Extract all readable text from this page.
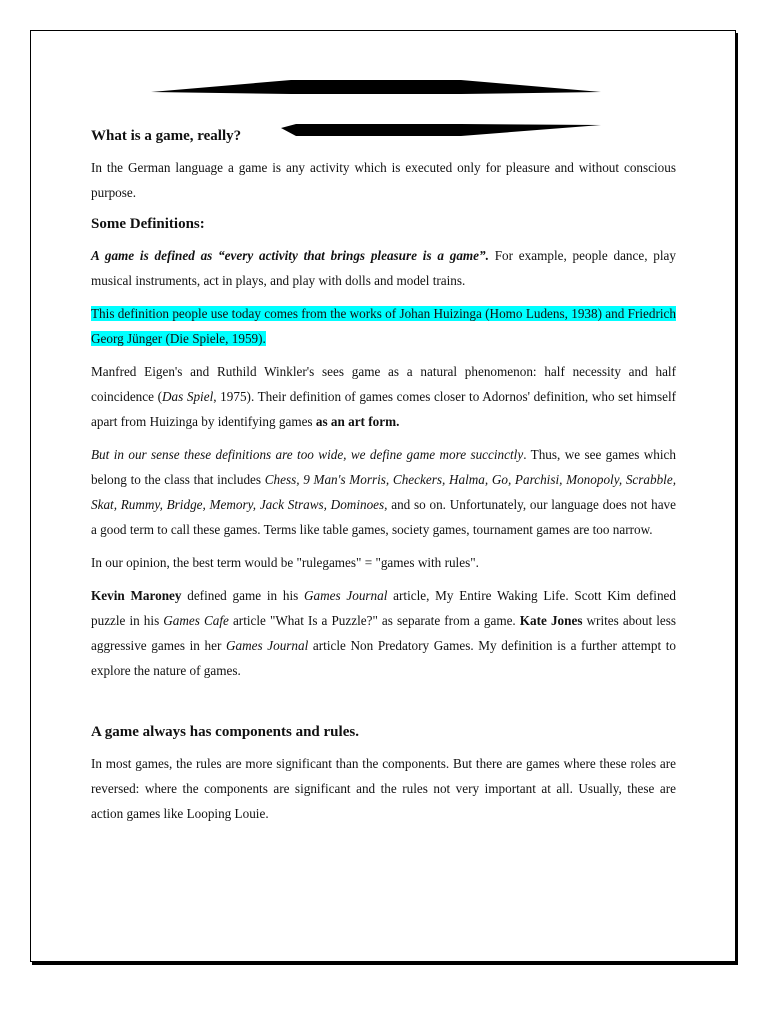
What is a game, really?

In the German language a game is any activity which is executed only for pleasure and without conscious purpose.

Some Definitions:

A game is defined as “every activity that brings pleasure is a game”. For example, people dance, play musical instruments, act in plays, and play with dolls and model trains.

This definition people use today comes from the works of Johan Huizinga (Homo Ludens, 1938) and Friedrich Georg Jünger (Die Spiele, 1959).

Manfred Eigen's and Ruthild Winkler's sees game as a natural phenomenon: half necessity and half coincidence (Das Spiel, 1975). Their definition of games comes closer to Adornos' definition, who set himself apart from Huizinga by identifying games as an art form.

But in our sense these definitions are too wide, we define game more succinctly. Thus, we see games which belong to the class that includes Chess, 9 Man's Morris, Checkers, Halma, Go, Parchisi, Monopoly, Scrabble, Skat, Rummy, Bridge, Memory, Jack Straws, Dominoes, and so on. Unfortunately, our language does not have a good term to call these games. Terms like table games, society games, tournament games are too narrow.

In our opinion, the best term would be "rulegames" = "games with rules".

Kevin Maroney defined game in his Games Journal article, My Entire Waking Life. Scott Kim defined puzzle in his Games Cafe article "What Is a Puzzle?" as separate from a game. Kate Jones writes about less aggressive games in her Games Journal article Non Predatory Games. My definition is a further attempt to explore the nature of games.

A game always has components and rules.

In most games, the rules are more significant than the components. But there are games where these roles are reversed: where the components are significant and the rules not very important at all. Usually, these are action games like Looping Louie.
